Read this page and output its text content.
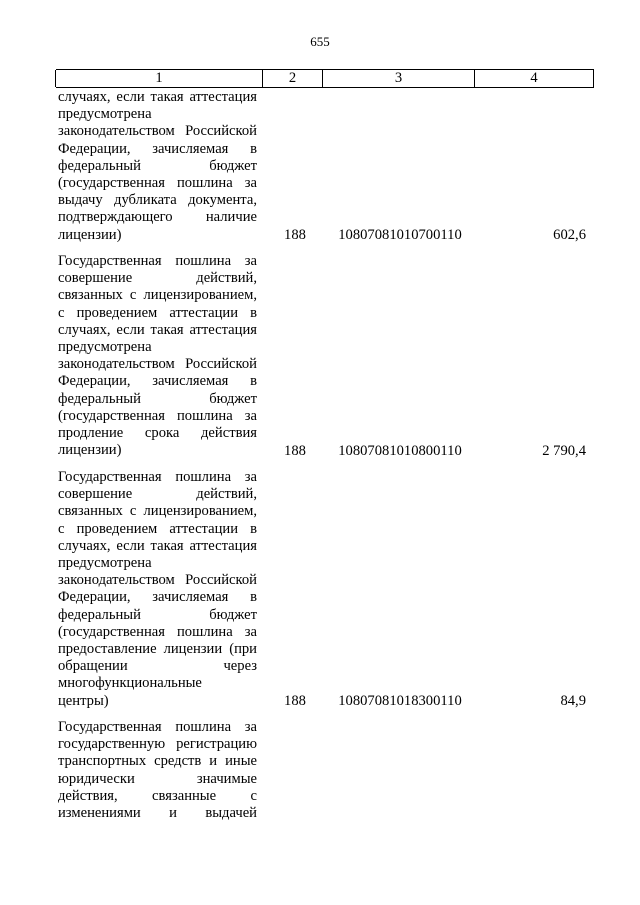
655
1	2	3	4
случаях, если такая аттестация
предусмотрена
законодательством Российской
Федерации, зачисляемая в
федеральный бюджет
(государственная пошлина за
выдачу дубликата документа,
подтверждающего наличие
лицензии)	188	10807081010700110	602,6
Государственная пошлина за
совершение действий,
связанных с лицензированием,
с проведением аттестации в
случаях, если такая аттестация
предусмотрена
законодательством Российской
Федерации, зачисляемая в
федеральный бюджет
(государственная пошлина за
продление срока действия
лицензии)	188	10807081010800110	2 790,4
Государственная пошлина за
совершение действий,
связанных с лицензированием,
с проведением аттестации в
случаях, если такая аттестация
предусмотрена
законодательством Российской
Федерации, зачисляемая в
федеральный бюджет
(государственная пошлина за
предоставление лицензии (при
обращении через
многофункциональные
центры)	188	10807081018300110	84,9
Государственная пошлина за
государственную регистрацию
транспортных средств и иные
юридически значимые
действия, связанные с
изменениями и выдачей
